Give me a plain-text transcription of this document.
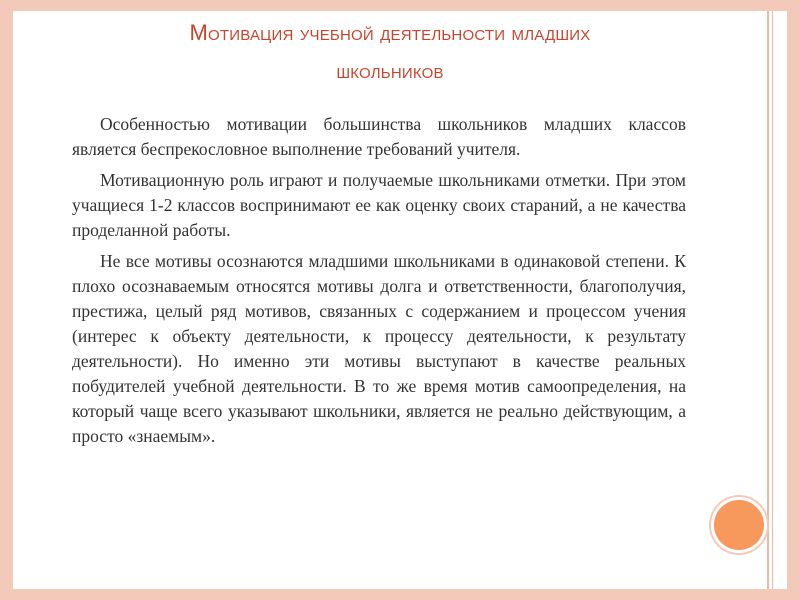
Мотивация учебной деятельности младших
школьников

Особенностью мотивации большинства школьников младших классов является беспрекословное выполнение требований учителя.

Мотивационную роль играют и получаемые школьниками отметки. При этом учащиеся 1-2 классов воспринимают ее как оценку своих стараний, а не качества проделанной работы.

Не все мотивы осознаются младшими школьниками в одинаковой степени. К плохо осознаваемым относятся мотивы долга и ответственности, благополучия, престижа, целый ряд мотивов, связанных с содержанием и процессом учения (интерес к объекту деятельности, к процессу деятельности, к результату деятельности). Но именно эти мотивы выступают в качестве реальных побудителей учебной деятельности. В то же время мотив самоопределения, на который чаще всего указывают школьники, является не реально действующим, а просто «знаемым».
